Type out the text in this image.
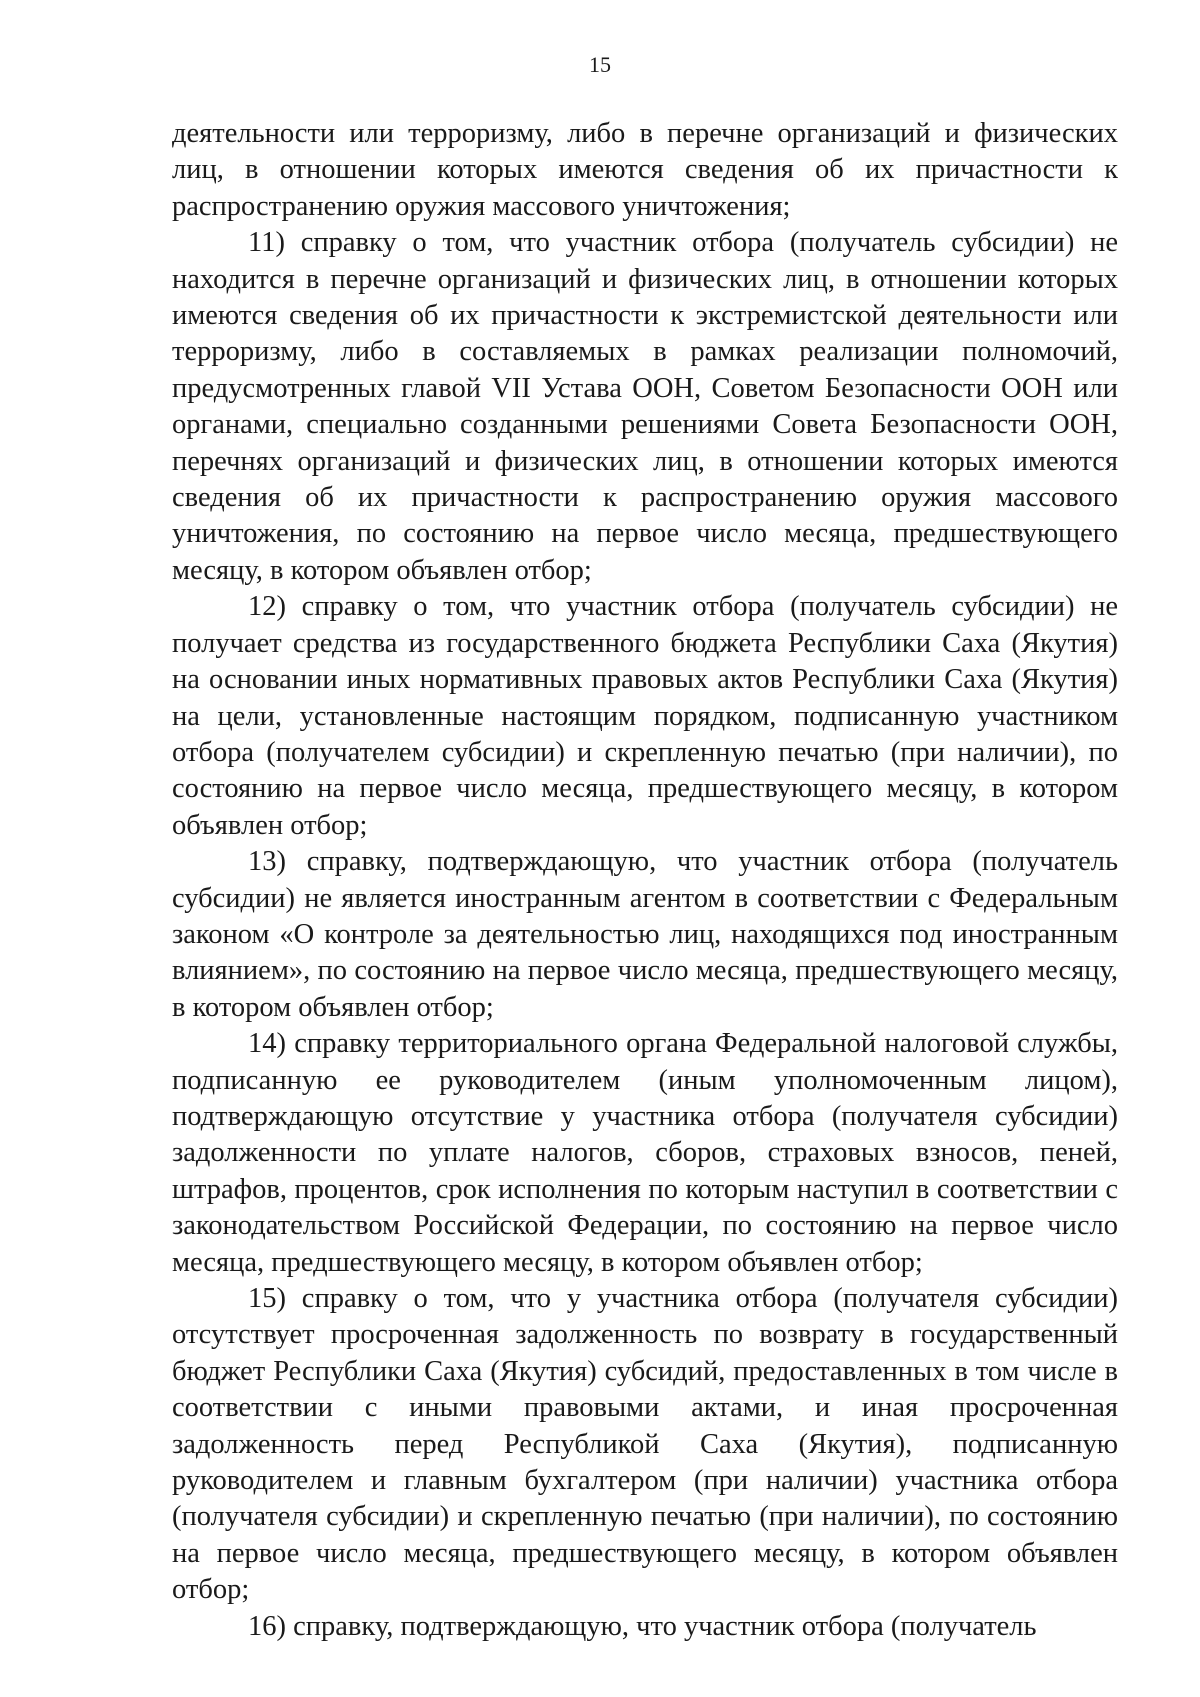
15

деятельности или терроризму, либо в перечне организаций и физических лиц, в отношении которых имеются сведения об их причастности к распространению оружия массового уничтожения;

11) справку о том, что участник отбора (получатель субсидии) не находится в перечне организаций и физических лиц, в отношении которых имеются сведения об их причастности к экстремистской деятельности или терроризму, либо в составляемых в рамках реализации полномочий, предусмотренных главой VII Устава ООН, Советом Безопасности ООН или органами, специально созданными решениями Совета Безопасности ООН, перечнях организаций и физических лиц, в отношении которых имеются сведения об их причастности к распространению оружия массового уничтожения, по состоянию на первое число месяца, предшествующего месяцу, в котором объявлен отбор;

12) справку о том, что участник отбора (получатель субсидии) не получает средства из государственного бюджета Республики Саха (Якутия) на основании иных нормативных правовых актов Республики Саха (Якутия) на цели, установленные настоящим порядком, подписанную участником отбора (получателем субсидии) и скрепленную печатью (при наличии), по состоянию на первое число месяца, предшествующего месяцу, в котором объявлен отбор;

13) справку, подтверждающую, что участник отбора (получатель субсидии) не является иностранным агентом в соответствии с Федеральным законом «О контроле за деятельностью лиц, находящихся под иностранным влиянием», по состоянию на первое число месяца, предшествующего месяцу, в котором объявлен отбор;

14) справку территориального органа Федеральной налоговой службы, подписанную ее руководителем (иным уполномоченным лицом), подтверждающую отсутствие у участника отбора (получателя субсидии) задолженности по уплате налогов, сборов, страховых взносов, пеней, штрафов, процентов, срок исполнения по которым наступил в соответствии с законодательством Российской Федерации, по состоянию на первое число месяца, предшествующего месяцу, в котором объявлен отбор;

15) справку о том, что у участника отбора (получателя субсидии) отсутствует просроченная задолженность по возврату в государственный бюджет Республики Саха (Якутия) субсидий, предоставленных в том числе в соответствии с иными правовыми актами, и иная просроченная задолженность перед Республикой Саха (Якутия), подписанную руководителем и главным бухгалтером (при наличии) участника отбора (получателя субсидии) и скрепленную печатью (при наличии), по состоянию на первое число месяца, предшествующего месяцу, в котором объявлен отбор;

16) справку, подтверждающую, что участник отбора (получатель
